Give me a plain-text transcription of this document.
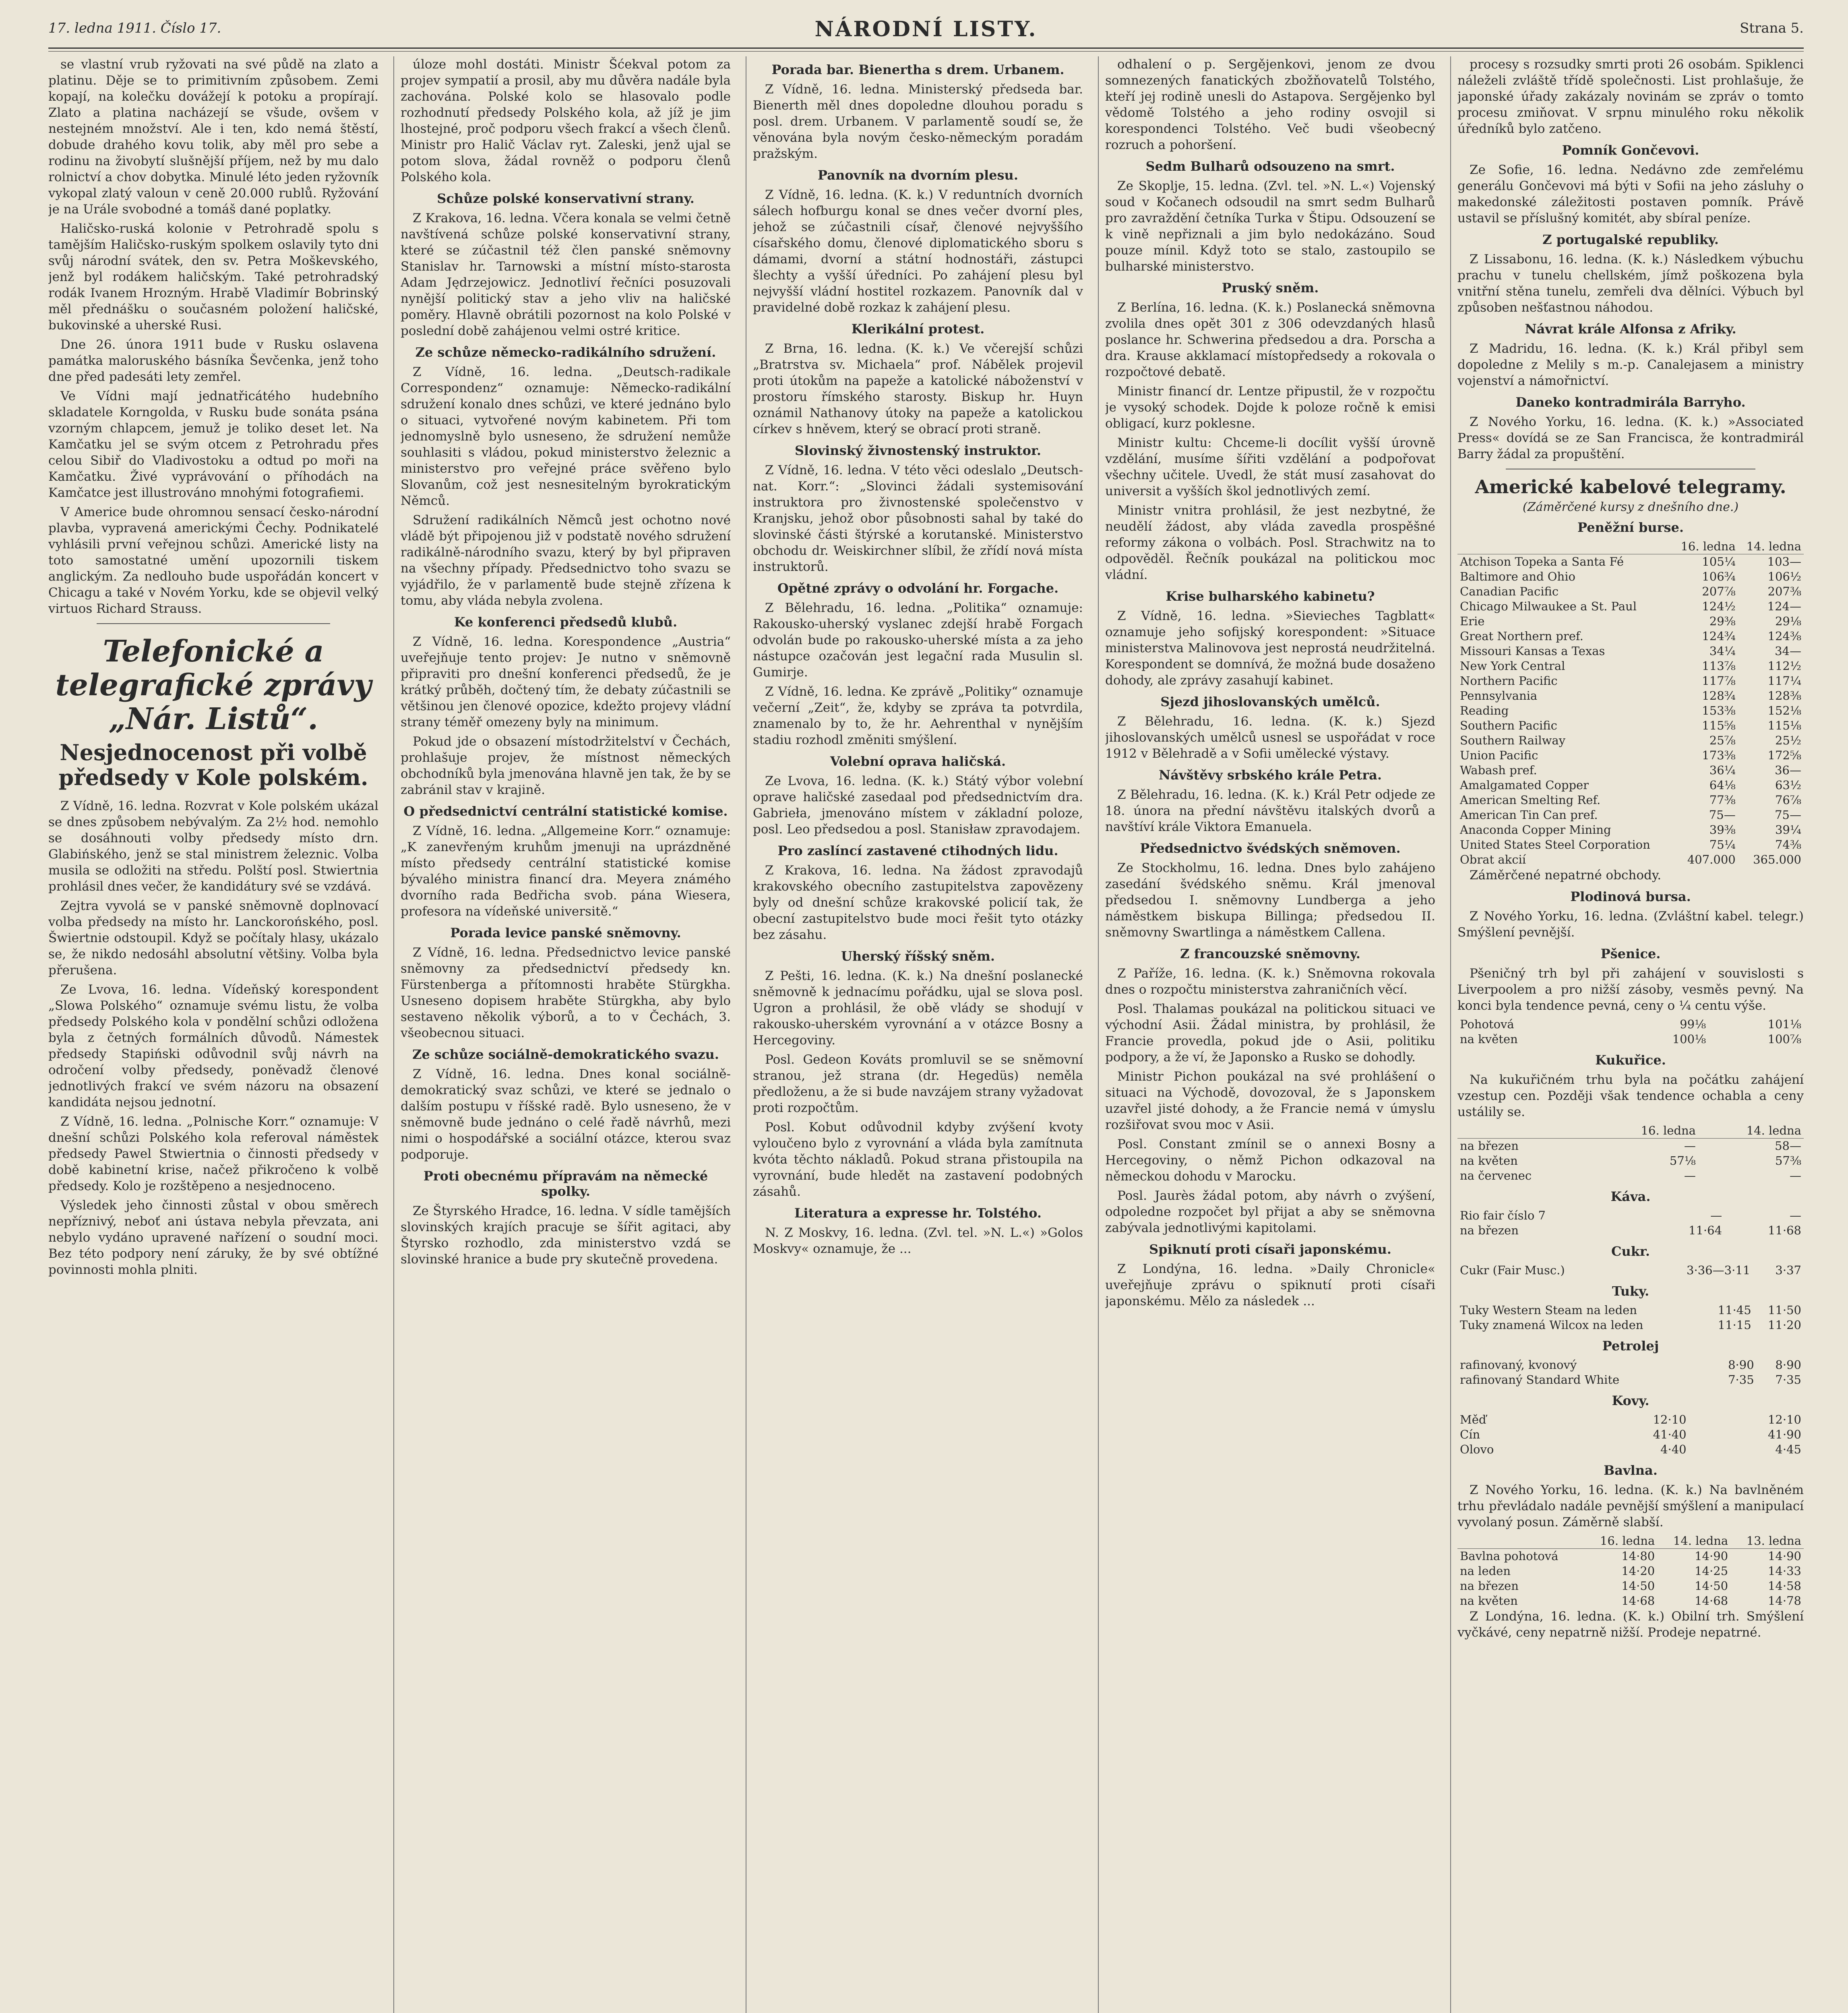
17. ledna 1911. Číslo 17.	NÁRODNÍ LISTY.	Strana 5.

se vlastní vrub ryžovati na své půdě na zlato a platinu. Děje se to primitivním způsobem. Zemi kopají, na kolečku dovážejí k potoku a propírají. Zlato a platina nacházejí se všude, ovšem v nestejném množství. Ale i ten, kdo nemá štěstí, dobude drahého kovu tolik, aby měl pro sebe a rodinu na živobytí slušnější příjem, než by mu dalo rolnictví a chov dobytka. Minulé léto jeden ryžovník vykopal zlatý valoun v ceně 20.000 rublů. Ryžování je na Urále svobodné a tomáš dané poplatky.

Haličsko-ruská kolonie v Petrohradě spolu s tamějším Haličsko-ruským spolkem oslavily tyto dni svůj národní svátek, den sv. Petra Moškevského, jenž byl rodákem haličským. Také petrohradský rodák Ivanem Hrozným. Hrabě Vladimír Bobrinský měl přednášku o současném položení haličské, bukovinské a uherské Rusi.

Dne 26. února 1911 bude v Rusku oslavena památka maloruského básníka Ševčenka, jenž toho dne před padesáti lety zemřel.

Ve Vídni mají jednatřicátého hudebního skladatele Korngolda, v Rusku bude sonáta psána vzorným chlapcem, jemuž je toliko deset let. Na Kamčatku jel se svým otcem z Petrohradu přes celou Sibiř do Vladivostoku a odtud po moři na Kamčatku. Živé vyprávování o příhodách na Kamčatce jest illustrováno mnohými fotografiemi.

V Americe bude ohromnou sensací česko-národní plavba, vypravená americkými Čechy. Podnikatelé vyhlásili první veřejnou schůzi. Americké listy na toto samostatné umění upozornili tiskem anglickým. Za nedlouho bude uspořádán koncert v Chicagu a také v Novém Yorku, kde se objevil velký virtuos Richard Strauss.

Telefonické a telegrafické zprávy „Nár. Listů“.
Nesjednocenost při volbě předsedy v Kole polském.

Z Vídně, 16. ledna. Rozvrat v Kole polském ukázal se dnes způsobem nebývalým. Za 2½ hod. nemohlo se dosáhnouti volby předsedy místo drn. Glabińského, jenž se stal ministrem železnic. Volba musila se odložiti na středu. Polští posl. Stwiertnia prohlásil dnes večer, že kandidátury své se vzdává.

Zejtra vyvolá se v panské sněmovně doplnovací volba předsedy na místo hr. Lanckorońského, posl. Šwiertnie odstoupil. Když se počítaly hlasy, ukázalo se, že nikdo nedosáhl absolutní většiny. Volba byla přerušena.

Ze Lvova, 16. ledna. Vídeňský korespondent „Slowa Polského“ oznamuje svému listu, že volba předsedy Polského kola v pondělní schůzi odložena byla z četných formálních důvodů. Námestek předsedy Stapiński odůvodnil svůj návrh na odročení volby předsedy, poněvadž členové jednotlivých frakcí ve svém názoru na obsazení kandidáta nejsou jednotní.

Z Vídně, 16. ledna. „Polnische Korr.“ oznamuje: V dnešní schůzi Polského kola referoval náměstek předsedy Pawel Stwiertnia o činnosti předsedy v době kabinetní krise, načež přikročeno k volbě předsedy. Kolo je rozštěpeno a nesjednoceno.

Výsledek jeho činnosti zůstal v obou směrech nepříznivý, neboť ani ústava nebyla převzata, ani nebylo vydáno upravené nařízení o soudní moci. Bez této podpory není záruky, že by své obtížné povinnosti mohla plniti.

úloze mohl dostáti. Ministr Šćekval potom za projev sympatií a prosil, aby mu důvěra nadále byla zachována. Polské kolo se hlasovalo podle rozhodnutí předsedy Polského kola, až jíž je jim lhostejné, proč podporu všech frakcí a všech členů. Ministr pro Halič Václav ryt. Zaleski, jenž ujal se potom slova, žádal rovněž o podporu členů Polského kola.

Schůze polské konservativní strany.

Z Krakova, 16. ledna. Včera konala se velmi četně navštívená schůze polské konservativní strany, které se zúčastnil též člen panské sněmovny Stanislav hr. Tarnowski a místní místo-starosta Adam Jędrzejowicz. Jednotliví řečníci posuzovali nynější politický stav a jeho vliv na haličské poměry. Hlavně obrátili pozornost na kolo Polské v poslední době zahájenou velmi ostré kritice.

Ze schůze německo-radikálního sdružení.

Z Vídně, 16. ledna. „Deutsch-radikale Correspondenz“ oznamuje: Německo-radikální sdružení konalo dnes schůzi, ve které jednáno bylo o situaci, vytvořené novým kabinetem. Při tom jednomyslně bylo usneseno, že sdružení nemůže souhlasiti s vládou, pokud ministerstvo železnic a ministerstvo pro veřejné práce svěřeno bylo Slovanům, což jest nesnesitelným byrokratickým Němců.

Sdružení radikálních Němců jest ochotno nové vládě být připojenou již v podstatě nového sdružení radikálně-národního svazu, který by byl připraven na všechny případy. Předsednictvo toho svazu se vyjádřilo, že v parlamentě bude stejně zřízena k tomu, aby vláda nebyla zvolena.

Ke konferenci předsedů klubů.

Z Vídně, 16. ledna. Korespondence „Austria“ uveřejňuje tento projev: Je nutno v sněmovně připraviti pro dnešní konferenci předsedů, že je krátký průběh, dočtený tím, že debaty zúčastnili se většinou jen členové opozice, kdežto projevy vládní strany téměř omezeny byly na minimum.

Pokud jde o obsazení místodržitelství v Čechách, prohlašuje projev, že místnost německých obchodníků byla jmenována hlavně jen tak, že by se zabránil stav v krajině.

O předsednictví centrální statistické komise.

Z Vídně, 16. ledna. „Allgemeine Korr.“ oznamuje: „K zanevřeným kruhům jmenuji na uprázdněné místo předsedy centrální statistické komise bývalého ministra financí dra. Meyera známého dvorního rada Bedřicha svob. pána Wiesera, profesora na vídeňské universitě.“

Porada levice panské sněmovny.

Z Vídně, 16. ledna. Předsednictvo levice panské sněmovny za předsednictví předsedy kn. Fürstenberga a přítomnosti hraběte Stürgkha. Usneseno dopisem hraběte Stürgkha, aby bylo sestaveno několik výborů, a to v Čechách, 3. všeobecnou situaci.

Ze schůze sociálně-demokratického svazu.

Z Vídně, 16. ledna. Dnes konal sociálně-demokratický svaz schůzi, ve které se jednalo o dalším postupu v říšské radě. Bylo usneseno, že v sněmovně bude jednáno o celé řadě návrhů, mezi nimi o hospodářské a sociální otázce, kterou svaz podporuje.

Proti obecnému přípravám na německé spolky.

Ze Štyrského Hradce, 16. ledna. V sídle tamějších slovinských krajích pracuje se šířit agitaci, aby Štyrsko rozhodlo, zda ministerstvo vzdá se slovinské hranice a bude pry skutečně provedena.

Porada bar. Bienertha s drem. Urbanem.

Z Vídně, 16. ledna. Ministerský předseda bar. Bienerth měl dnes dopoledne dlouhou poradu s posl. drem. Urbanem. V parlamentě soudí se, že věnována byla novým česko-německým poradám pražským.

Panovník na dvorním plesu.

Z Vídně, 16. ledna. (K. k.) V reduntních dvorních sálech hofburgu konal se dnes večer dvorní ples, jehož se zúčastnili císař, členové nejvyššího císařského domu, členové diplomatického sboru s dámami, dvorní a státní hodnostáři, zástupci šlechty a vyšší úředníci. Po zahájení plesu byl nejvyšší vládní hostitel rozkazem. Panovník dal v pravidelné době rozkaz k zahájení plesu.

Klerikální protest.

Z Brna, 16. ledna. (K. k.) Ve včerejší schůzi „Bratrstva sv. Michaela“ prof. Nábělek projevil proti útokům na papeže a katolické náboženství v prostoru římského starosty. Biskup hr. Huyn oznámil Nathanovy útoky na papeže a katolickou církev s hněvem, který se obrací proti straně.

Slovinský živnostenský instruktor.

Z Vídně, 16. ledna. V této věci odeslalo „Deutsch-nat. Korr.“: „Slovinci žádali systemisování instruktora pro živnostenské společenstvo v Kranjsku, jehož obor působnosti sahal by také do slovinské části štýrské a korutanské. Ministerstvo obchodu dr. Weiskirchner slíbil, že zřídí nová místa instruktorů.

Opětné zprávy o odvolání hr. Forgache.

Z Bělehradu, 16. ledna. „Politika“ oznamuje: Rakousko-uherský vyslanec zdejší hrabě Forgach odvolán bude po rakousko-uherské místa a za jeho nástupce ozačován jest legační rada Musulin sl. Gumirje.

Z Vídně, 16. ledna. Ke zprávě „Politiky“ oznamuje večerní „Zeit“, že, kdyby se zpráva ta potvrdila, znamenalo by to, že hr. Aehrenthal v nynějším stadiu rozhodl změniti smýšlení.

Volební oprava haličská.

Ze Lvova, 16. ledna. (K. k.) Státý výbor volební oprave haličské zasedaal pod předsednictvím dra. Gabrieła, jmenováno místem v základní poloze, posl. Leo předsedou a posl. Stanisław zpravodajem.

Pro zaslíncí zastavené ctihodných lidu.

Z Krakova, 16. ledna. Na žádost zpravodajů krakovského obecního zastupitelstva zapovězeny byly od dnešní schůze krakovské policií tak, že obecní zastupitelstvo bude moci řešit tyto otázky bez zásahu.

Uherský říšský sněm.

Z Pešti, 16. ledna. (K. k.) Na dnešní poslanecké sněmovně k jednacímu pořádku, ujal se slova posl. Ugron a prohlásil, že obě vlády se shodují v rakousko-uherském vyrovnání a v otázce Bosny a Hercegoviny.

Posl. Gedeon Kováts promluvil se se sněmovní stranou, jež strana (dr. Hegedüs) neměla předloženu, a že si bude navzájem strany vyžadovat proti rozpočtům.

Posl. Kobut odůvodnil kdyby zvýšení kvoty vyloučeno bylo z vyrovnání a vláda byla zamítnuta kvóta těchto nákladů. Pokud strana přistoupila na vyrovnání, bude hledět na zastavení podobných zásahů.

Literatura a expresse hr. Tolstého.

N. Z Moskvy, 16. ledna. (Zvl. tel. »N. L.«) »Golos Moskvy« oznamuje, že ...

odhalení o p. Sergějenkovi, jenom ze dvou somnezených fanatických zbožňovatelů Tolstého, kteří jej rodině unesli do Astapova. Sergějenko byl vědomě Tolstého a jeho rodiny osvojil si korespondenci Tolstého. Več budi všeobecný rozruch a pohoršení.

Sedm Bulharů odsouzeno na smrt.

Ze Skoplje, 15. ledna. (Zvl. tel. »N. L.«) Vojenský soud v Kočanech odsoudil na smrt sedm Bulharů pro zavraždění četníka Turka v Štipu. Odsouzení se k vině nepřiznali a jim bylo nedokázáno. Soud pouze mínil. Když toto se stalo, zastoupilo se bulharské ministerstvo.

Pruský sněm.

Z Berlína, 16. ledna. (K. k.) Poslanecká sněmovna zvolila dnes opět 301 z 306 odevzdaných hlasů poslance hr. Schwerina předsedou a dra. Porscha a dra. Krause akklamací místopředsedy a rokovala o rozpočtové debatě.

Ministr financí dr. Lentze připustil, že v rozpočtu je vysoký schodek. Dojde k poloze ročně k emisi obligací, kurz poklesne.

Ministr kultu: Chceme-li docílit vyšší úrovně vzdělání, musíme šířiti vzdělání a podpořovat všechny učitele. Uvedl, že stát musí zasahovat do universit a vyšších škol jednotlivých zemí.

Ministr vnitra prohlásil, že jest nezbytné, že neudělí žádost, aby vláda zavedla prospěšné reformy zákona o volbách. Posl. Strachwitz na to odpověděl. Řečník poukázal na politickou moc vládní.

Krise bulharského kabinetu?

Z Vídně, 16. ledna. »Sievieches Tagblatt« oznamuje jeho sofijský korespondent: »Situace ministerstva Malinovova jest neprostá neudržitelná. Korespondent se domnívá, že možná bude dosaženo dohody, ale zprávy zasahují kabinet.

Sjezd jihoslovanských umělců.

Z Bělehradu, 16. ledna. (K. k.) Sjezd jihoslovanských umělců usnesl se uspořádat v roce 1912 v Bělehradě a v Sofii umělecké výstavy.

Návštěvy srbského krále Petra.

Z Bělehradu, 16. ledna. (K. k.) Král Petr odjede ze 18. února na přední návštěvu italských dvorů a navštíví krále Viktora Emanuela.

Předsednictvo švédských sněmoven.

Ze Stockholmu, 16. ledna. Dnes bylo zahájeno zasedání švédského sněmu. Král jmenoval předsedou I. sněmovny Lundberga a jeho náměstkem biskupa Billinga; předsedou II. sněmovny Swartlinga a náměstkem Callena.

Z francouzské sněmovny.

Z Paříže, 16. ledna. (K. k.) Sněmovna rokovala dnes o rozpočtu ministerstva zahraničních věcí.

Posl. Thalamas poukázal na politickou situaci ve východní Asii. Žádal ministra, by prohlásil, že Francie provedla, pokud jde o Asii, politiku podpory, a že ví, že Japonsko a Rusko se dohodly.

Ministr Pichon poukázal na své prohlášení o situaci na Východě, dovozoval, že s Japonskem uzavřel jisté dohody, a že Francie nemá v úmyslu rozšiřovat svou moc v Asii.

Posl. Constant zmínil se o annexi Bosny a Hercegoviny, o němž Pichon odkazoval na německou dohodu v Marocku.

Posl. Jaurès žádal potom, aby návrh o zvýšení, odpoledne rozpočet byl přijat a aby se sněmovna zabývala jednotlivými kapitolami.

Spiknutí proti císaři japonskému.

Z Londýna, 16. ledna. »Daily Chronicle« uveřejňuje zprávu o spiknutí proti císaři japonskému. Mělo za následek ...

procesy s rozsudky smrti proti 26 osobám. Spiklenci náleželi zvláště třídě společnosti. List prohlašuje, že japonské úřady zakázaly novinám se zpráv o tomto procesu zmiňovat. V srpnu minulého roku několik úředníků bylo zatčeno.

Pomník Gončevovi.

Ze Sofie, 16. ledna. Nedávno zde zemřelému generálu Gončevovi má býti v Sofii na jeho zásluhy o makedonské záležitosti postaven pomník. Právě ustavil se příslušný komitét, aby sbíral peníze.

Z portugalské republiky.

Z Lissabonu, 16. ledna. (K. k.) Následkem výbuchu prachu v tunelu chellském, jímž poškozena byla vnitřní stěna tunelu, zemřeli dva dělníci. Výbuch byl způsoben nešťastnou náhodou.

Návrat krále Alfonsa z Afriky.

Z Madridu, 16. ledna. (K. k.) Král přibyl sem dopoledne z Melily s m.-p. Canalejasem a ministry vojenství a námořnictví.

Daneko kontradmirála Barryho.

Z Nového Yorku, 16. ledna. (K. k.) »Associated Press« dovídá se ze San Francisca, že kontradmirál Barry žádal za propuštění.

Americké kabelové telegramy.
(Záměrčené kursy z dnešního dne.)
Peněžní burse.
	16. ledna	14. ledna
Atchison Topeka a Santa Fé	105¼	103—
Baltimore and Ohio	106¾	106½
Canadian Pacific	207⅞	207⅜
Chicago Milwaukee a St. Paul	124½	124—
Erie	29⅜	29⅛
Great Northern pref.	124¾	124⅜
Missouri Kansas a Texas	34¼	34—
New York Central	113⅞	112½
Northern Pacific	117⅞	117¼
Pennsylvania	128¾	128⅜
Reading	153⅜	152⅛
Southern Pacific	115⅝	115⅛
Southern Railway	25⅞	25½
Union Pacific	173⅜	172⅝
Wabash pref.	36¼	36—
Amalgamated Copper	64⅛	63½
American Smelting Ref.	77⅜	76⅞
American Tin Can pref.	75—	75—
Anaconda Copper Mining	39⅜	39¼
United States Steel Corporation	75¼	74⅜
Obrat akcií	407.000	365.000

Záměrčené nepatrné obchody.

Plodinová bursa.

Z Nového Yorku, 16. ledna. (Zvláštní kabel. telegr.) Smýšlení pevnější.

Pšenice.

Pšeničný trh byl při zahájení v souvislosti s Liverpoolem a pro nižší zásoby, vesměs pevný. Na konci byla tendence pevná, ceny o ¼ centu výše.

Pohotová	99⅛	101⅛
na květen	100⅛	100⅞
Kukuřice.

Na kukuřičném trhu byla na počátku zahájení vzestup cen. Později však tendence ochabla a ceny ustálily se.

	16. ledna	14. ledna
na březen	—	58—
na květen	57⅛	57⅜
na červenec	—	—
Káva.
Rio fair číslo 7	—	—
na březen	11·64	11·68
Cukr.
Cukr (Fair Musc.)	3·36—3·11	3·37
Tuky.
Tuky Western Steam na leden	11·45	11·50
Tuky znamená Wilcox na leden	11·15	11·20
Petrolej
rafinovaný, kvonový	8·90	8·90
rafinovaný Standard White	7·35	7·35
Kovy.
Měď	12·10	12·10
Cín	41·40	41·90
Olovo	4·40	4·45
Bavlna.

Z Nového Yorku, 16. ledna. (K. k.) Na bavlněném trhu převládalo nadále pevnější smýšlení a manipulací vyvolaný posun. Záměrně slabší.

	16. ledna	14. ledna	13. ledna
Bavlna pohotová	14·80	14·90	14·90
na leden	14·20	14·25	14·33
na březen	14·50	14·50	14·58
na květen	14·68	14·68	14·78

Z Londýna, 16. ledna. (K. k.) Obilní trh. Smýšlení vyčkávé, ceny nepatrně nižší. Prodeje nepatrné.
